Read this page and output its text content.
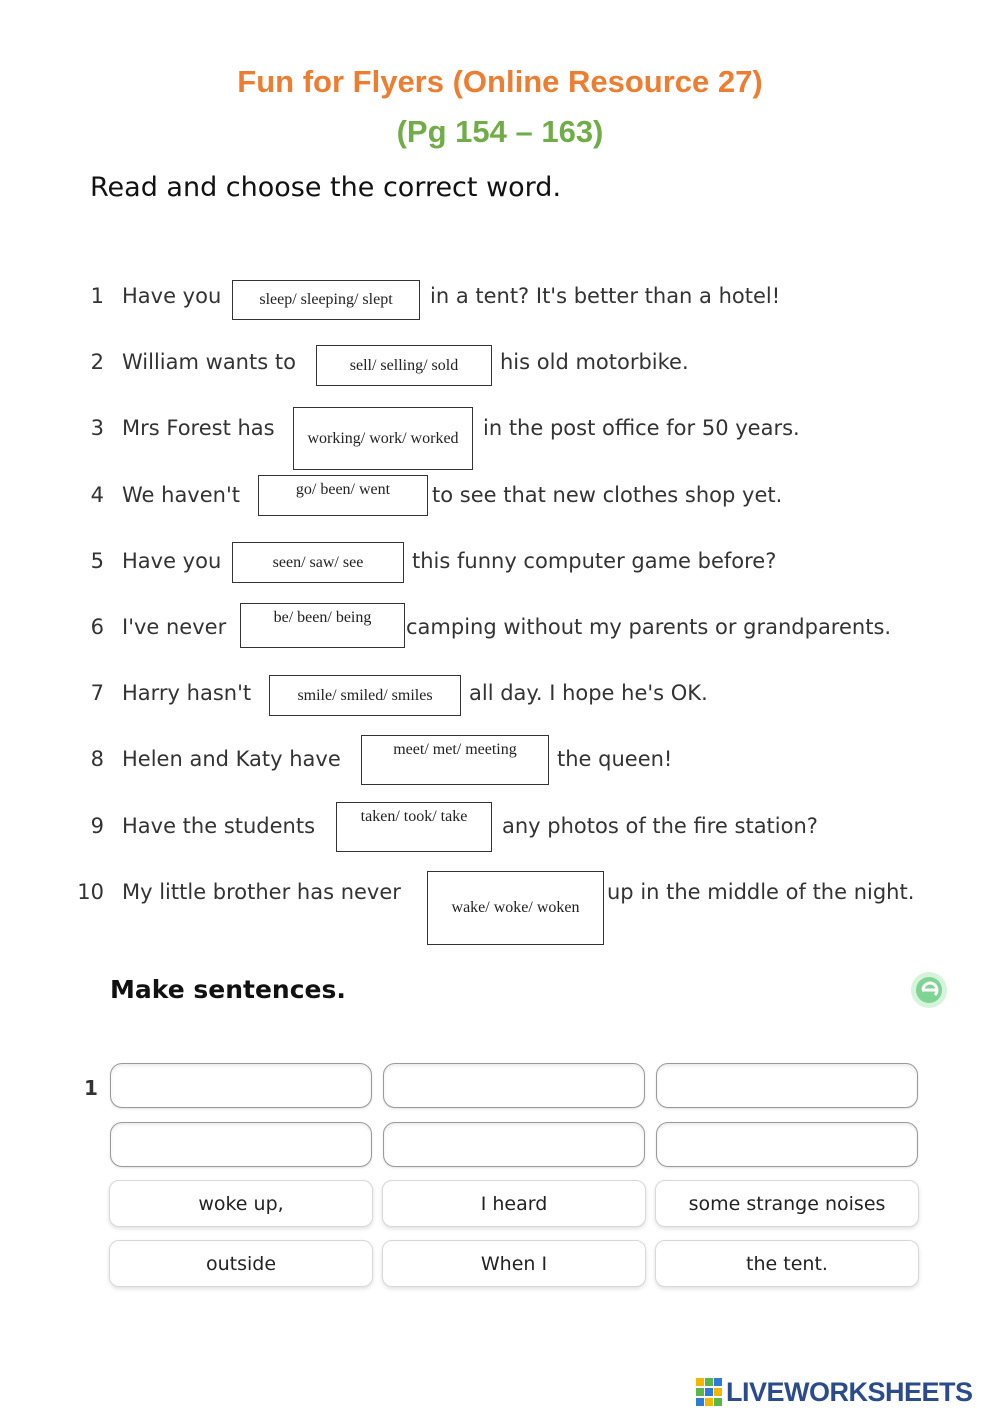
Fun for Flyers (Online Resource 27)
(Pg 154 – 163)
Read and choose the correct word.
1 Have you	sleep/ sleeping/ slept	in a tent? It's better than a hotel!
2 William wants to	sell/ selling/ sold	his old motorbike.
3 Mrs Forest has	working/ work/ worked	in the post office for 50 years.
4 We haven't	go/ been/ went	to see that new clothes shop yet.
5 Have you	seen/ saw/ see	this funny computer game before?
6 I've never	be/ been/ being	camping without my parents or grandparents.
7 Harry hasn't	smile/ smiled/ smiles	all day. I hope he's OK.
8 Helen and Katy have	meet/ met/ meeting	the queen!
9 Have the students	taken/ took/ take	any photos of the fire station?
10 My little brother has never
wake/ woke/ woken
up in the middle of the night.
Make sentences.
1
woke up,	I heard	some strange noises
outside	When I	the tent.
LIVEWORKSHEETS
